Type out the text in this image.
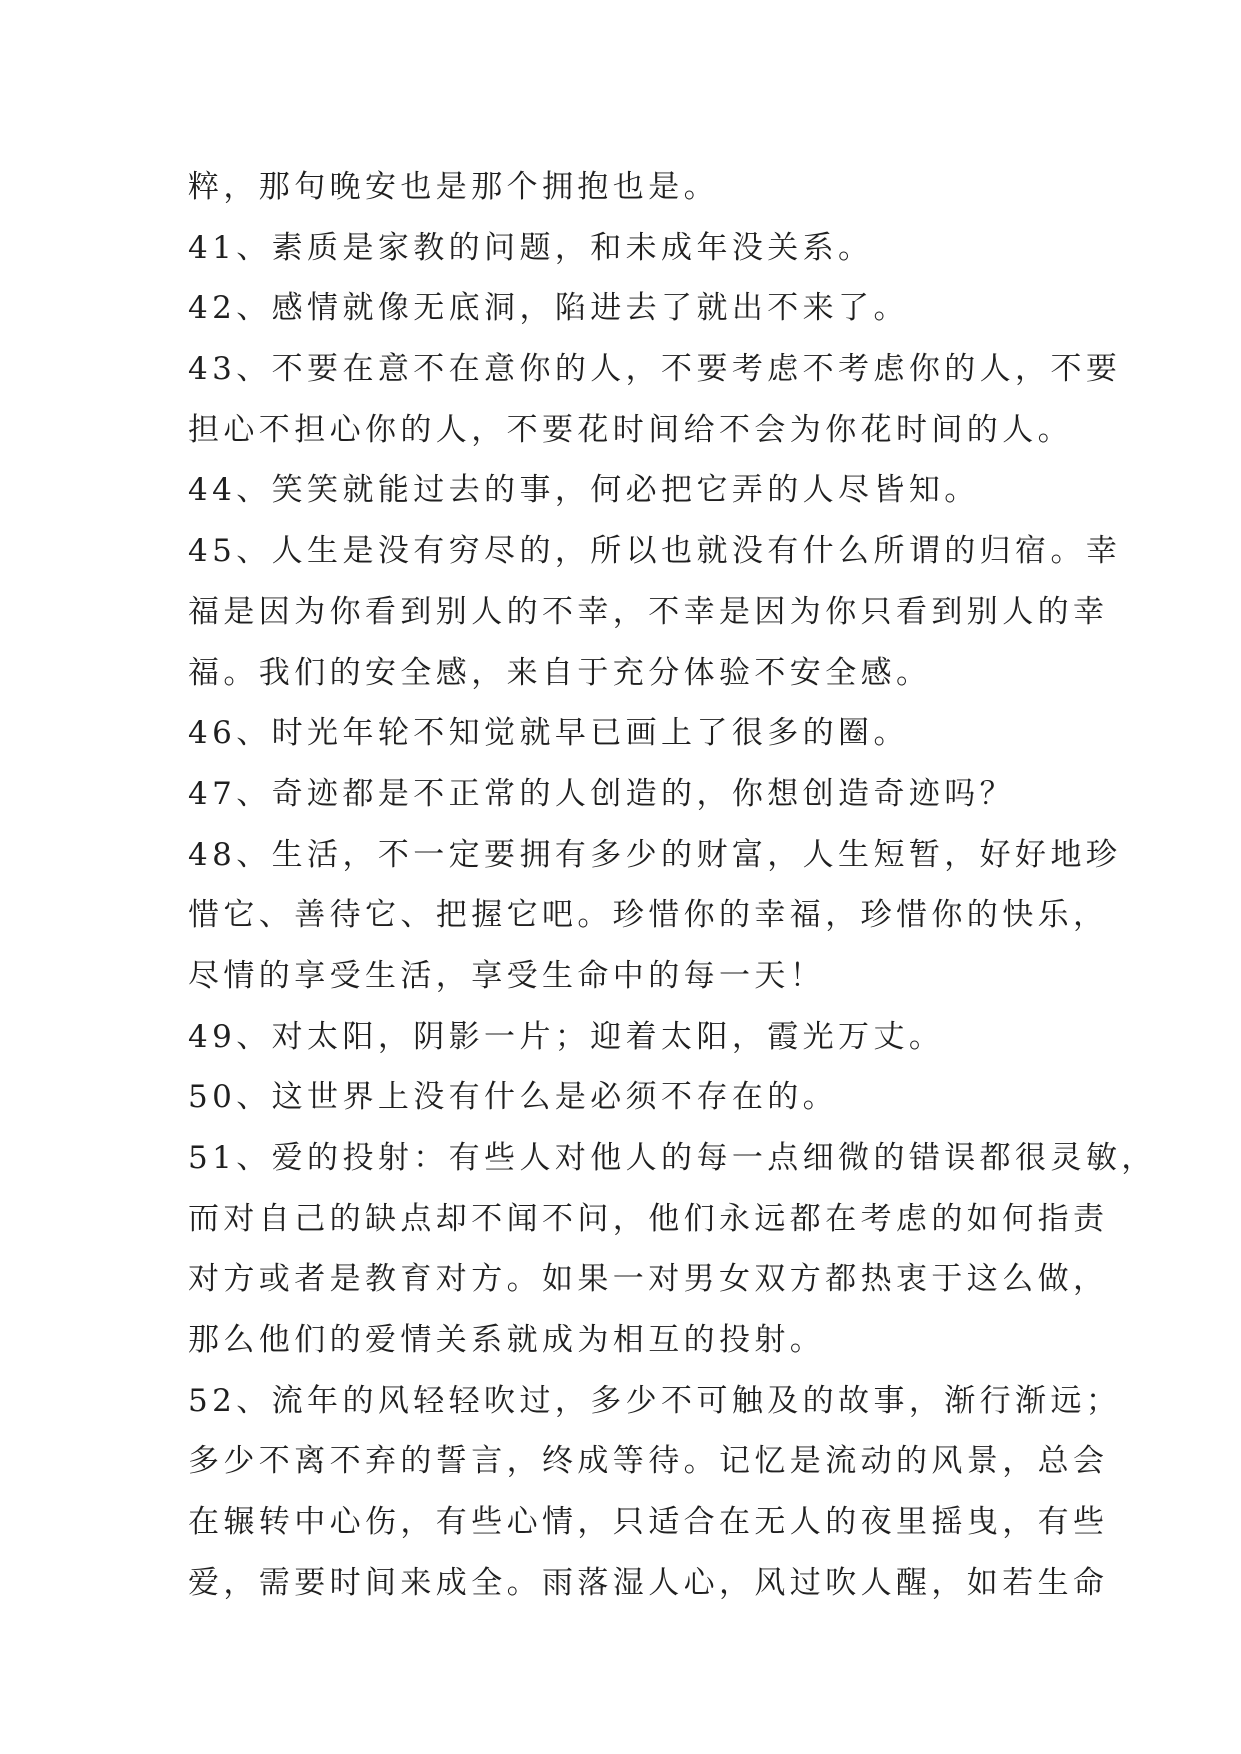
粹，那句晚安也是那个拥抱也是。

41、素质是家教的问题，和未成年没关系。

42、感情就像无底洞，陷进去了就出不来了。

43、不要在意不在意你的人，不要考虑不考虑你的人，不要

担心不担心你的人，不要花时间给不会为你花时间的人。

44、笑笑就能过去的事，何必把它弄的人尽皆知。

45、人生是没有穷尽的，所以也就没有什么所谓的归宿。幸

福是因为你看到别人的不幸，不幸是因为你只看到别人的幸

福。我们的安全感，来自于充分体验不安全感。

46、时光年轮不知觉就早已画上了很多的圈。

47、奇迹都是不正常的人创造的，你想创造奇迹吗？

48、生活，不一定要拥有多少的财富，人生短暂，好好地珍

惜它、善待它、把握它吧。珍惜你的幸福，珍惜你的快乐，

尽情的享受生活，享受生命中的每一天！

49、对太阳，阴影一片；迎着太阳，霞光万丈。

50、这世界上没有什么是必须不存在的。

51、爱的投射：有些人对他人的每一点细微的错误都很灵敏，

而对自己的缺点却不闻不问，他们永远都在考虑的如何指责

对方或者是教育对方。如果一对男女双方都热衷于这么做，

那么他们的爱情关系就成为相互的投射。

52、流年的风轻轻吹过，多少不可触及的故事，渐行渐远；

多少不离不弃的誓言，终成等待。记忆是流动的风景，总会

在辗转中心伤，有些心情，只适合在无人的夜里摇曳，有些

爱，需要时间来成全。雨落湿人心，风过吹人醒，如若生命
